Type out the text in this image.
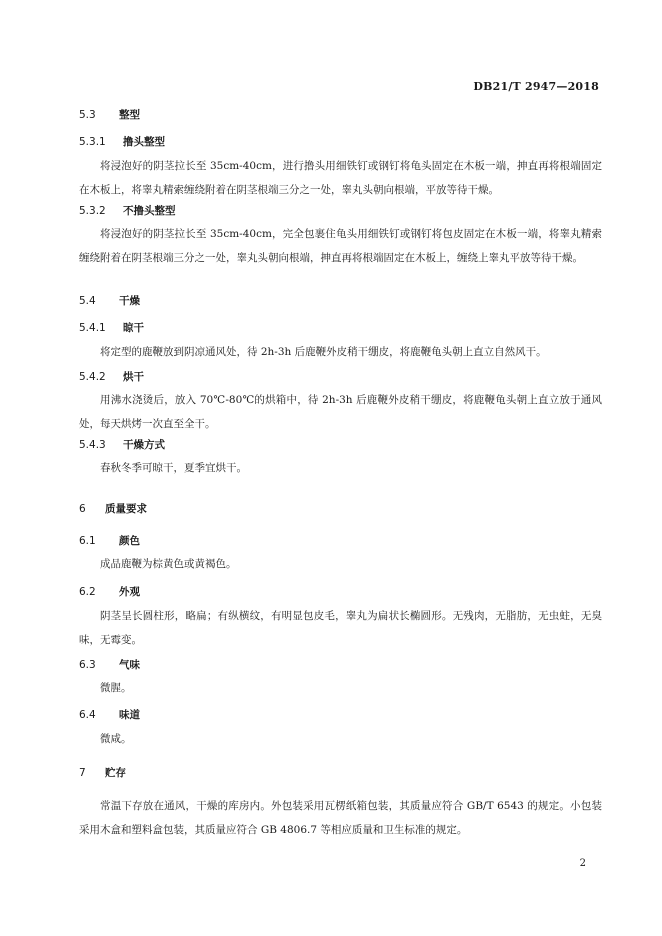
DB21/T 2947—2018
5.3 整型
5.3.1 撸头整型
将浸泡好的阴茎拉长至 35cm-40cm，进行撸头用细铁钉或钢钉将龟头固定在木板一端，抻直再将根端固定在木板上，将睾丸精索缠绕附着在阴茎根端三分之一处，睾丸头朝向根端，平放等待干燥。
5.3.2 不撸头整型
将浸泡好的阴茎拉长至 35cm-40cm，完全包裹住龟头用细铁钉或钢钉将包皮固定在木板一端，将睾丸精索缠绕附着在阴茎根端三分之一处，睾丸头朝向根端，抻直再将根端固定在木板上，缠绕上睾丸平放等待干燥。
5.4 干燥
5.4.1 晾干
将定型的鹿鞭放到阴凉通风处，待 2h-3h 后鹿鞭外皮稍干绷皮，将鹿鞭龟头朝上直立自然风干。
5.4.2 烘干
用沸水浇烫后，放入 70℃-80℃的烘箱中，待 2h-3h 后鹿鞭外皮稍干绷皮，将鹿鞭龟头朝上直立放于通风处，每天烘烤一次直至全干。
5.4.3 干燥方式
春秋冬季可晾干，夏季宜烘干。
6 质量要求
6.1 颜色
成品鹿鞭为棕黄色或黄褐色。
6.2 外观
阴茎呈长圆柱形，略扁；有纵横纹，有明显包皮毛，睾丸为扁状长椭圆形。无残肉，无脂肪，无虫蛀，无臭味，无霉变。
6.3 气味
微腥。
6.4 味道
微咸。
7 贮存
常温下存放在通风，干燥的库房内。外包装采用瓦楞纸箱包装，其质量应符合 GB/T 6543 的规定。小包装采用木盒和塑料盒包装，其质量应符合 GB 4806.7 等相应质量和卫生标准的规定。
2
